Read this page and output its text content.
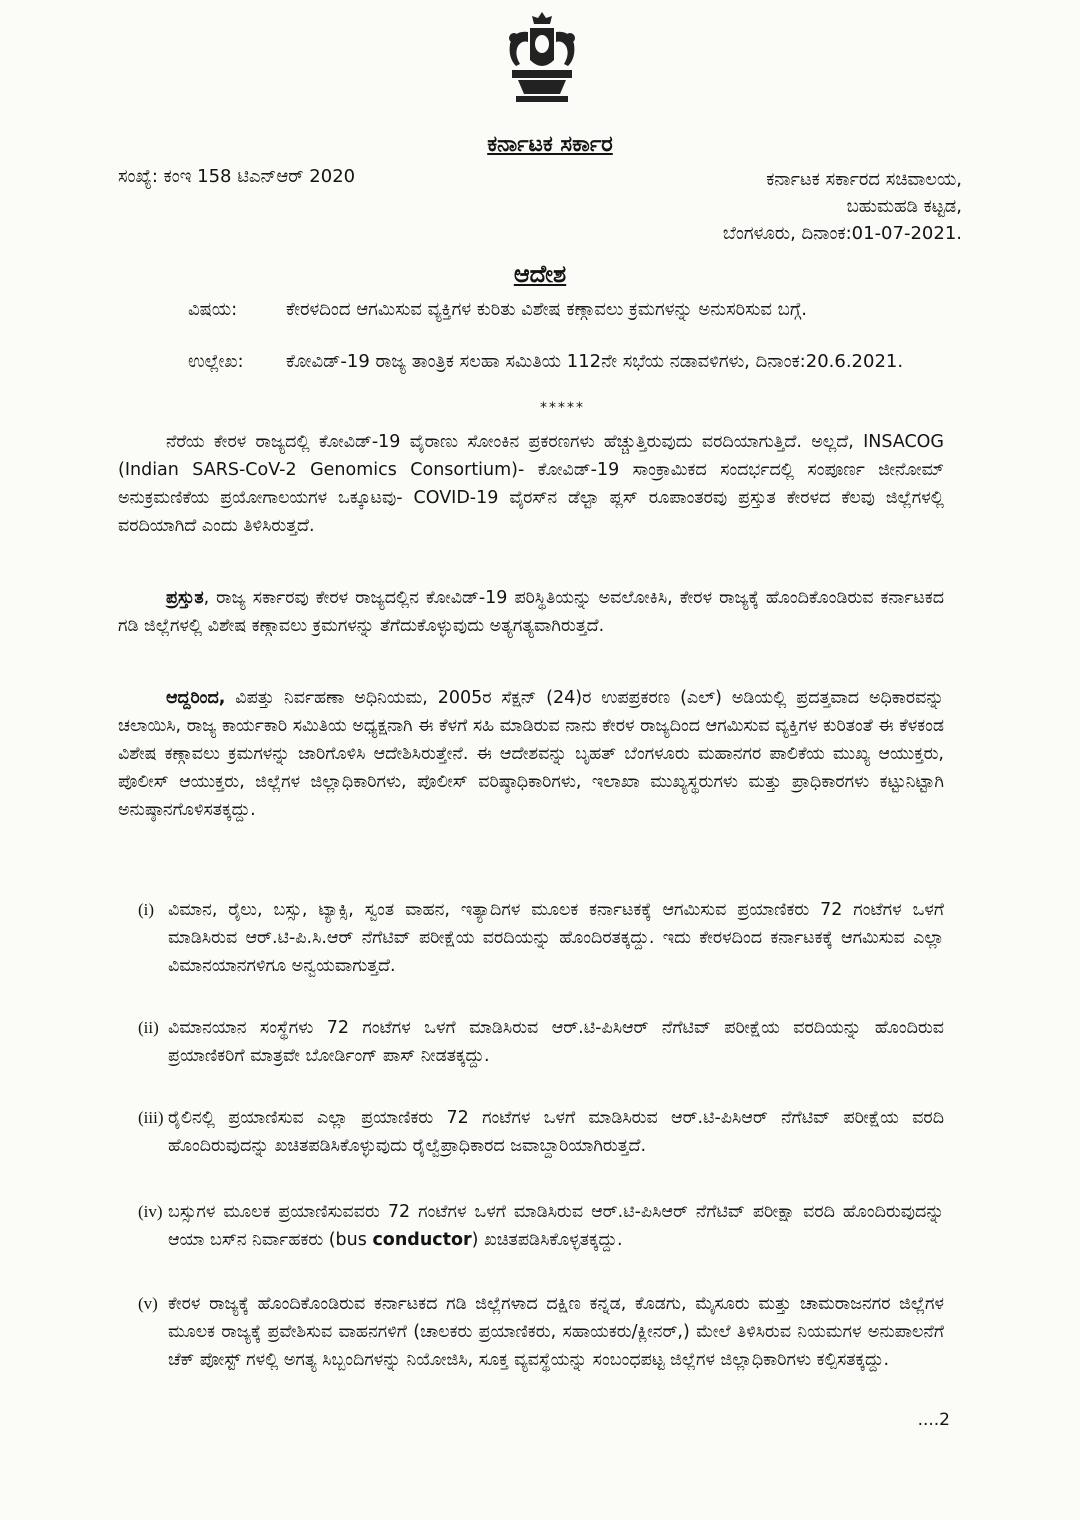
ಕರ್ನಾಟಕ ಸರ್ಕಾರ
ಸಂಖ್ಯೆ: ಕಂಇ 158 ಟಿಎನ್‌ಆರ್ 2020	ಕರ್ನಾಟಕ ಸರ್ಕಾರದ ಸಚಿವಾಲಯ,
ಬಹುಮಹಡಿ ಕಟ್ಟಡ,
ಬೆಂಗಳೂರು, ದಿನಾಂಕ:01-07-2021.
ಆದೇಶ
ವಿಷಯ:	ಕೇರಳದಿಂದ ಆಗಮಿಸುವ ವ್ಯಕ್ತಿಗಳ ಕುರಿತು ವಿಶೇಷ ಕಣ್ಗಾವಲು ಕ್ರಮಗಳನ್ನು ಅನುಸರಿಸುವ ಬಗ್ಗೆ.
ಉಲ್ಲೇಖ:	ಕೋವಿಡ್-19 ರಾಜ್ಯ ತಾಂತ್ರಿಕ ಸಲಹಾ ಸಮಿತಿಯ 112ನೇ ಸಭೆಯ ನಡಾವಳಿಗಳು, ದಿನಾಂಕ:20.6.2021.
*****
ನೆರೆಯ ಕೇರಳ ರಾಜ್ಯದಲ್ಲಿ ಕೋವಿಡ್-19 ವೈರಾಣು ಸೋಂಕಿನ ಪ್ರಕರಣಗಳು ಹೆಚ್ಚುತ್ತಿರುವುದು ವರದಿಯಾಗುತ್ತಿದೆ. ಅಲ್ಲದೆ, INSACOG (Indian SARS-CoV-2 Genomics Consortium)- ಕೋವಿಡ್-19 ಸಾಂಕ್ರಾಮಿಕದ ಸಂದರ್ಭದಲ್ಲಿ ಸಂಪೂರ್ಣ ಜೀನೋಮ್ ಅನುಕ್ರಮಣಿಕೆಯ ಪ್ರಯೋಗಾಲಯಗಳ ಒಕ್ಕೂಟವು- COVID-19 ವೈರಸ್‌ನ ಡೆಲ್ಟಾ ಪ್ಲಸ್ ರೂಪಾಂತರವು ಪ್ರಸ್ತುತ ಕೇರಳದ ಕೆಲವು ಜಿಲ್ಲೆಗಳಲ್ಲಿ ವರದಿಯಾಗಿದೆ ಎಂದು ತಿಳಿಸಿರುತ್ತದೆ.
ಪ್ರಸ್ತುತ, ರಾಜ್ಯ ಸರ್ಕಾರವು ಕೇರಳ ರಾಜ್ಯದಲ್ಲಿನ ಕೋವಿಡ್-19 ಪರಿಸ್ಥಿತಿಯನ್ನು ಅವಲೋಕಿಸಿ, ಕೇರಳ ರಾಜ್ಯಕ್ಕೆ ಹೊಂದಿಕೊಂಡಿರುವ ಕರ್ನಾಟಕದ ಗಡಿ ಜಿಲ್ಲೆಗಳಲ್ಲಿ ವಿಶೇಷ ಕಣ್ಗಾವಲು ಕ್ರಮಗಳನ್ನು ತೆಗೆದುಕೊಳ್ಳುವುದು ಅತ್ಯಗತ್ಯವಾಗಿರುತ್ತದೆ.
ಆದ್ದರಿಂದ, ವಿಪತ್ತು ನಿರ್ವಹಣಾ ಅಧಿನಿಯಮ, 2005ರ ಸೆಕ್ಷನ್ (24)ರ ಉಪಪ್ರಕರಣ (ಎಲ್) ಅಡಿಯಲ್ಲಿ ಪ್ರದತ್ತವಾದ ಅಧಿಕಾರವನ್ನು ಚಲಾಯಿಸಿ, ರಾಜ್ಯ ಕಾರ್ಯಕಾರಿ ಸಮಿತಿಯ ಅಧ್ಯಕ್ಷನಾಗಿ ಈ ಕೆಳಗೆ ಸಹಿ ಮಾಡಿರುವ ನಾನು ಕೇರಳ ರಾಜ್ಯದಿಂದ ಆಗಮಿಸುವ ವ್ಯಕ್ತಿಗಳ ಕುರಿತಂತೆ ಈ ಕೆಳಕಂಡ ವಿಶೇಷ ಕಣ್ಗಾವಲು ಕ್ರಮಗಳನ್ನು ಜಾರಿಗೊಳಿಸಿ ಆದೇಶಿಸಿರುತ್ತೇನೆ. ಈ ಆದೇಶವನ್ನು ಬೃಹತ್ ಬೆಂಗಳೂರು ಮಹಾನಗರ ಪಾಲಿಕೆಯ ಮುಖ್ಯ ಆಯುಕ್ತರು, ಪೊಲೀಸ್ ಆಯುಕ್ತರು, ಜಿಲ್ಲೆಗಳ ಜಿಲ್ಲಾಧಿಕಾರಿಗಳು, ಪೊಲೀಸ್ ವರಿಷ್ಠಾಧಿಕಾರಿಗಳು, ಇಲಾಖಾ ಮುಖ್ಯಸ್ಥರುಗಳು ಮತ್ತು ಪ್ರಾಧಿಕಾರಗಳು ಕಟ್ಟುನಿಟ್ಟಾಗಿ ಅನುಷ್ಠಾನಗೊಳಿಸತಕ್ಕದ್ದು.
(i) ವಿಮಾನ, ರೈಲು, ಬಸ್ಸು, ಟ್ಯಾಕ್ಸಿ, ಸ್ವಂತ ವಾಹನ, ಇತ್ಯಾದಿಗಳ ಮೂಲಕ ಕರ್ನಾಟಕಕ್ಕೆ ಆಗಮಿಸುವ ಪ್ರಯಾಣಿಕರು 72 ಗಂಟೆಗಳ ಒಳಗೆ ಮಾಡಿಸಿರುವ ಆರ್.ಟಿ-ಪಿ.ಸಿ.ಆರ್ ನೆಗೆಟಿವ್ ಪರೀಕ್ಷೆಯ ವರದಿಯನ್ನು ಹೊಂದಿರತಕ್ಕದ್ದು. ಇದು ಕೇರಳದಿಂದ ಕರ್ನಾಟಕಕ್ಕೆ ಆಗಮಿಸುವ ಎಲ್ಲಾ ವಿಮಾನಯಾನಗಳಿಗೂ ಅನ್ವಯವಾಗುತ್ತದೆ.
(ii) ವಿಮಾನಯಾನ ಸಂಸ್ಥೆಗಳು 72 ಗಂಟೆಗಳ ಒಳಗೆ ಮಾಡಿಸಿರುವ ಆರ್.ಟಿ-ಪಿಸಿಆರ್ ನೆಗೆಟಿವ್ ಪರೀಕ್ಷೆಯ ವರದಿಯನ್ನು ಹೊಂದಿರುವ ಪ್ರಯಾಣಿಕರಿಗೆ ಮಾತ್ರವೇ ಬೋರ್ಡಿಂಗ್ ಪಾಸ್ ನೀಡತಕ್ಕದ್ದು.
(iii) ರೈಲಿನಲ್ಲಿ ಪ್ರಯಾಣಿಸುವ ಎಲ್ಲಾ ಪ್ರಯಾಣಿಕರು 72 ಗಂಟೆಗಳ ಒಳಗೆ ಮಾಡಿಸಿರುವ ಆರ್.ಟಿ-ಪಿಸಿಆರ್ ನೆಗೆಟಿವ್ ಪರೀಕ್ಷೆಯ ವರದಿ ಹೊಂದಿರುವುದನ್ನು ಖಚಿತಪಡಿಸಿಕೊಳ್ಳುವುದು ರೈಲ್ವೆಪ್ರಾಧಿಕಾರದ ಜವಾಬ್ದಾರಿಯಾಗಿರುತ್ತದೆ.
(iv) ಬಸ್ಸುಗಳ ಮೂಲಕ ಪ್ರಯಾಣಿಸುವವರು 72 ಗಂಟೆಗಳ ಒಳಗೆ ಮಾಡಿಸಿರುವ ಆರ್.ಟಿ-ಪಿಸಿಆರ್ ನೆಗೆಟಿವ್ ಪರೀಕ್ಷಾ ವರದಿ ಹೊಂದಿರುವುದನ್ನು ಆಯಾ ಬಸ್‌ನ ನಿರ್ವಾಹಕರು (bus conductor) ಖಚಿತಪಡಿಸಿಕೊಳ್ಳತಕ್ಕದ್ದು.
(v) ಕೇರಳ ರಾಜ್ಯಕ್ಕೆ ಹೊಂದಿಕೊಂಡಿರುವ ಕರ್ನಾಟಕದ ಗಡಿ ಜಿಲ್ಲೆಗಳಾದ ದಕ್ಷಿಣ ಕನ್ನಡ, ಕೊಡಗು, ಮೈಸೂರು ಮತ್ತು ಚಾಮರಾಜನಗರ ಜಿಲ್ಲೆಗಳ ಮೂಲಕ ರಾಜ್ಯಕ್ಕೆ ಪ್ರವೇಶಿಸುವ ವಾಹನಗಳಿಗೆ (ಚಾಲಕರು ಪ್ರಯಾಣಿಕರು, ಸಹಾಯಕರು/ಕ್ಲೀನರ್,) ಮೇಲೆ ತಿಳಿಸಿರುವ ನಿಯಮಗಳ ಅನುಪಾಲನೆಗೆ ಚೆಕ್ ಪೋಸ್ಟ್ ಗಳಲ್ಲಿ ಅಗತ್ಯ ಸಿಬ್ಬಂದಿಗಳನ್ನು ನಿಯೋಜಿಸಿ, ಸೂಕ್ತ ವ್ಯವಸ್ಥೆಯನ್ನು ಸಂಬಂಧಪಟ್ಟ ಜಿಲ್ಲೆಗಳ ಜಿಲ್ಲಾಧಿಕಾರಿಗಳು ಕಲ್ಪಿಸತಕ್ಕದ್ದು.
....2
